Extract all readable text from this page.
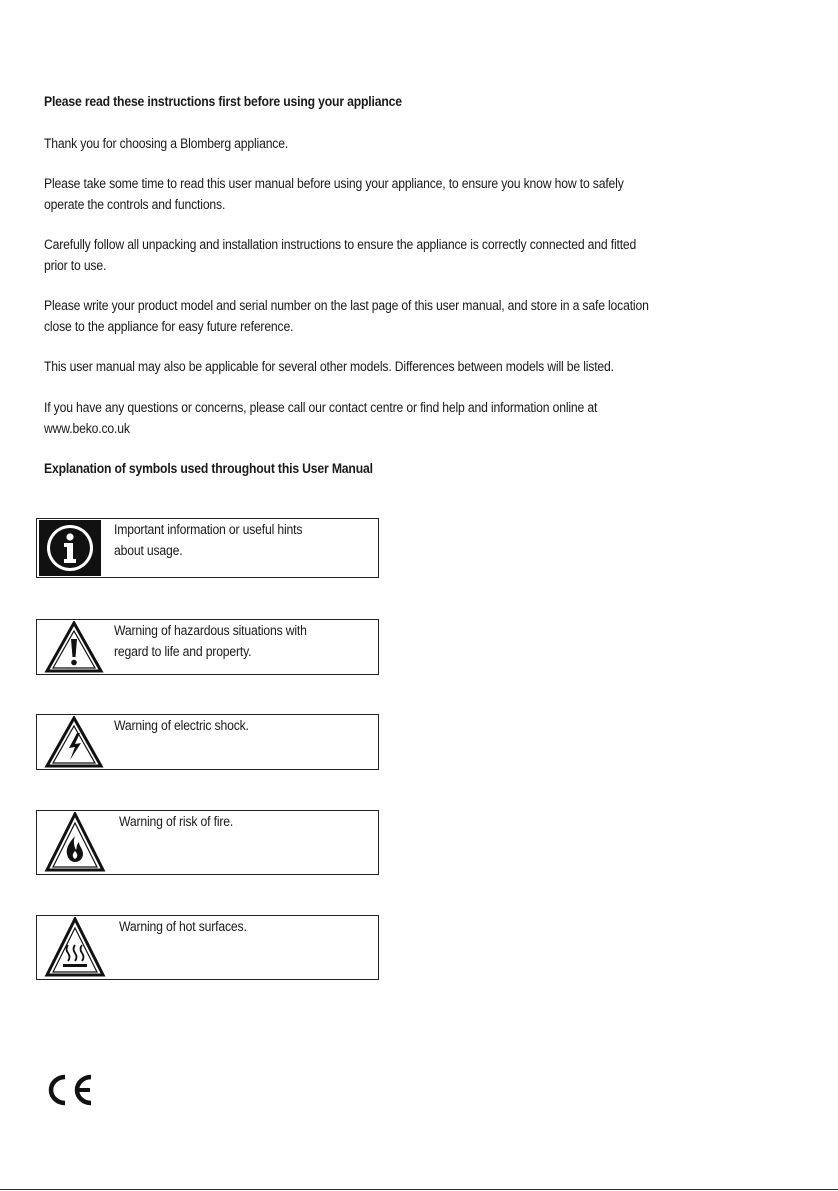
Please read these instructions first before using your appliance

Thank you for choosing a Blomberg appliance.

Please take some time to read this user manual before using your appliance, to ensure you know how to safely

operate the controls and functions.

Carefully follow all unpacking and installation instructions to ensure the appliance is correctly connected and fitted

prior to use.

Please write your product model and serial number on the last page of this user manual, and store in a safe location

close to the appliance for easy future reference.

This user manual may also be applicable for several other models. Differences between models will be listed.

If you have any questions or concerns, please call our contact centre or find help and information online at

www.beko.co.uk

Explanation of symbols used throughout this User Manual

Important information or useful hints
about usage.

Warning of hazardous situations with
regard to life and property.

Warning of electric shock.

Warning of risk of fire.

Warning of hot surfaces.
